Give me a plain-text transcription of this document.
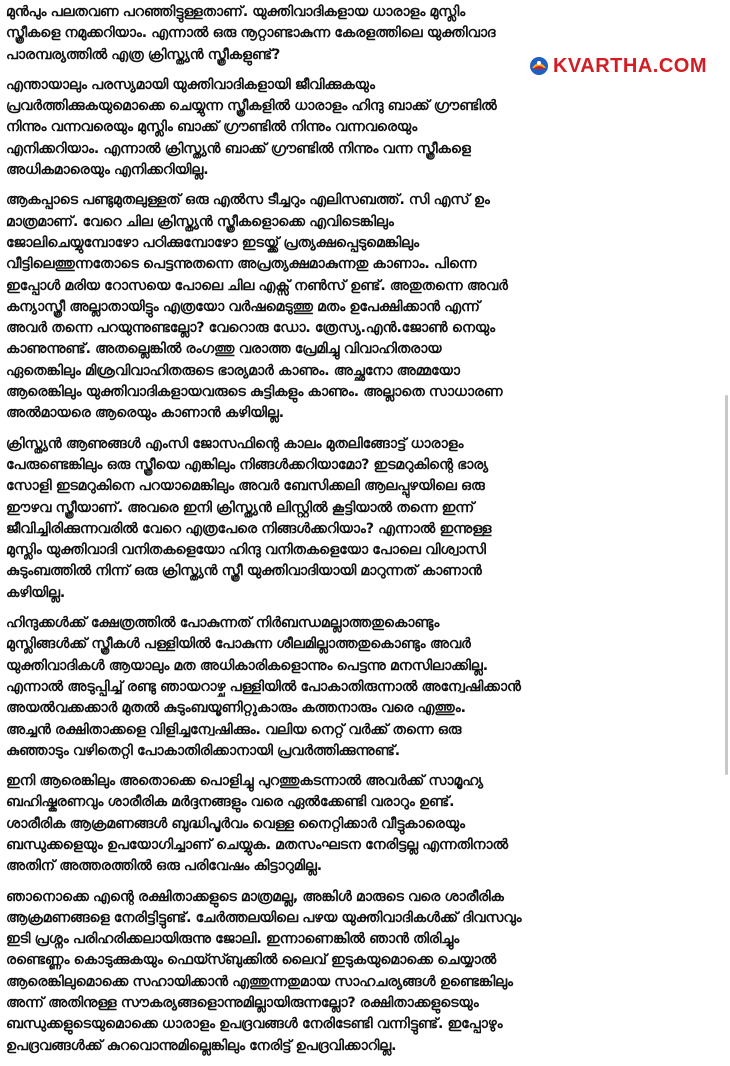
മുൻപും പലതവണ പറഞ്ഞിട്ടുള്ളതാണ്. യുക്തിവാദികളായ ധാരാളം മുസ്ലിം
സ്ത്രീകളെ നമുക്കറിയാം. എന്നാൽ ഒരു നൂറ്റാണ്ടാകുന്ന കേരളത്തിലെ യുക്തിവാദ
പാരമ്പര്യത്തിൽ എത്ര ക്രിസ്ത്യൻ സ്ത്രീകളുണ്ട്?

എന്തായാലും പരസ്യമായി യുക്തിവാദികളായി ജീവിക്കുകയും
പ്രവർത്തിക്കുകയുമൊക്കെ ചെയ്യുന്ന സ്ത്രീകളിൽ ധാരാളം ഹിന്ദു ബാക്ക് ഗ്രൗണ്ടിൽ
നിന്നും വന്നവരെയും മുസ്ലിം ബാക്ക് ഗ്രൗണ്ടിൽ നിന്നും വന്നവരെയും
എനിക്കറിയാം. എന്നാൽ ക്രിസ്ത്യൻ ബാക്ക് ഗ്രൗണ്ടിൽ നിന്നും വന്ന സ്ത്രീകളെ
അധികമാരെയും എനിക്കറിയില്ല.

ആകപ്പാടെ പണ്ടുമുതലുള്ളത് ഒരു എൽസ ടീച്ചറും എലിസബത്ത്. സി എസ് ഉം
മാത്രമാണ്. വേറെ ചില ക്രിസ്ത്യൻ സ്ത്രീകളൊക്കെ എവിടെങ്കിലും
ജോലിചെയ്യുമ്പോഴോ പഠിക്കുമ്പോഴോ ഇടയ്ക്ക് പ്രത്യക്ഷപ്പെടുമെങ്കിലും
വീട്ടിലെത്തുന്നതോടെ പെട്ടന്നുതന്നെ അപ്രത്യക്ഷമാകുന്നതു കാണാം. പിന്നെ
ഇപ്പോൾ മരിയ റോസയെ പോലെ ചില എക്സ് നൺസ് ഉണ്ട്. അതുതന്നെ അവർ
കന്യാസ്ത്രീ അല്ലാതായിട്ടും എത്രയോ വർഷമെടുത്തു മതം ഉപേക്ഷിക്കാൻ എന്ന്
അവർ തന്നെ പറയുന്നുണ്ടല്ലോ? വേറൊരു ഡോ. ത്രേസ്യ.എൻ.ജോൺ നെയും
കാണുന്നുണ്ട്. അതല്ലെങ്കിൽ രംഗത്തു വരാത്ത പ്രേമിച്ചു വിവാഹിതരായ
ഏതെങ്കിലും മിശ്രവിവാഹിതരുടെ ഭാര്യമാർ കാണും. അച്ഛനോ അമ്മയോ
ആരെങ്കിലും യുക്തിവാദികളായവരുടെ കുട്ടികളും കാണും. അല്ലാതെ സാധാരണ
അൽമായരെ ആരെയും കാണാൻ കഴിയില്ല.

ക്രിസ്ത്യൻ ആണുങ്ങൾ എംസി ജോസഫിന്റെ കാലം മുതലിങ്ങോട്ട് ധാരാളം
പേരുണ്ടെങ്കിലും ഒരു സ്ത്രീയെ എങ്കിലും നിങ്ങൾക്കറിയാമോ? ഇടമറുകിന്റെ ഭാര്യ
സോളി ഇടമറുകിനെ പറയാമെങ്കിലും അവർ ബേസിക്കലി ആലപ്പുഴയിലെ ഒരു
ഈഴവ സ്ത്രീയാണ്. അവരെ ഇനി ക്രിസ്ത്യൻ ലിസ്റ്റിൽ കൂട്ടിയാൽ തന്നെ ഇന്ന്
ജീവിച്ചിരിക്കുന്നവരിൽ വേറെ എത്രപേരെ നിങ്ങൾക്കറിയാം? എന്നാൽ ഇന്നുള്ള
മുസ്ലിം യുക്തിവാദി വനിതകളെയോ ഹിന്ദു വനിതകളെയോ പോലെ വിശ്വാസി
കുടുംബത്തിൽ നിന്ന് ഒരു ക്രിസ്ത്യൻ സ്ത്രീ യുക്തിവാദിയായി മാറുന്നത് കാണാൻ
കഴിയില്ല.

ഹിന്ദുക്കൾക്ക് ക്ഷേത്രത്തിൽ പോകുന്നത് നിർബന്ധമല്ലാത്തതുകൊണ്ടും
മുസ്ലിങ്ങൾക്ക് സ്ത്രീകൾ പള്ളിയിൽ പോകുന്ന ശീലമില്ലാത്തതുകൊണ്ടും അവർ
യുക്തിവാദികൾ ആയാലും മത അധികാരികളൊന്നും പെട്ടന്നു മനസിലാക്കില്ല.
എന്നാൽ അടുപ്പിച്ച് രണ്ടു ഞായറാഴ്ച പള്ളിയിൽ പോകാതിരുന്നാൽ അന്വേഷിക്കാൻ
അയൽവക്കക്കാർ മുതൽ കുടുംബയൂണിറ്റുകാരും കത്തനാരും വരെ എത്തും.
അച്ചൻ രക്ഷിതാക്കളെ വിളിച്ചന്വേഷിക്കും. വലിയ നെറ്റ് വർക്ക് തന്നെ ഒരു
കുഞ്ഞാടും വഴിതെറ്റി പോകാതിരിക്കാനായി പ്രവർത്തിക്കുന്നുണ്ട്.

ഇനി ആരെങ്കിലും അതൊക്കെ പൊളിച്ചു പുറത്തുകടന്നാൽ അവർക്ക് സാമൂഹ്യ
ബഹിഷ്കരണവും ശാരീരിക മർദ്ദനങ്ങളും വരെ ഏൽക്കേണ്ടി വരാറും ഉണ്ട്.
ശാരീരിക ആക്രമണങ്ങൾ ബുദ്ധിപൂർവം വെള്ള നൈറ്റിക്കാർ വീട്ടുകാരെയും
ബന്ധുക്കളെയും ഉപയോഗിച്ചാണ് ചെയ്യുക. മതസംഘടന നേരിട്ടല്ല എന്നതിനാൽ
അതിന് അത്തരത്തിൽ ഒരു പരിവേഷം കിട്ടാറുമില്ല.

ഞാനൊക്കെ എന്റെ രക്ഷിതാക്കളുടെ മാത്രമല്ല, അങ്കിൾ മാരുടെ വരെ ശാരീരിക
ആക്രമണങ്ങളെ നേരിട്ടിട്ടുണ്ട്. ചേർത്തലയിലെ പഴയ യുക്തിവാദികൾക്ക് ദിവസവും
ഇടി പ്രശ്നം പരിഹരിക്കലായിരുന്നു ജോലി. ഇന്നാണെങ്കിൽ ഞാൻ തിരിച്ചും
രണ്ടെണ്ണം കൊടുക്കുകയും ഫെയ്സ്ബുക്കിൽ ലൈവ് ഇടുകയുമൊക്കെ ചെയ്യാൽ
ആരെങ്കിലുമൊക്കെ സഹായിക്കാൻ എത്തുന്നതുമായ സാഹചര്യങ്ങൾ ഉണ്ടെങ്കിലും
അന്ന് അതിനുള്ള സൗകര്യങ്ങളൊന്നുമില്ലായിരുന്നല്ലോ? രക്ഷിതാക്കളുടെയും
ബന്ധുക്കളുടെയുമൊക്കെ ധാരാളം ഉപദ്രവങ്ങൾ നേരിടേണ്ടി വന്നിട്ടുണ്ട്. ഇപ്പോഴും
ഉപദ്രവങ്ങൾക്ക് കുറവൊന്നുമില്ലെങ്കിലും നേരിട്ട് ഉപദ്രവിക്കാറില്ല.

KVARTHA.COM
